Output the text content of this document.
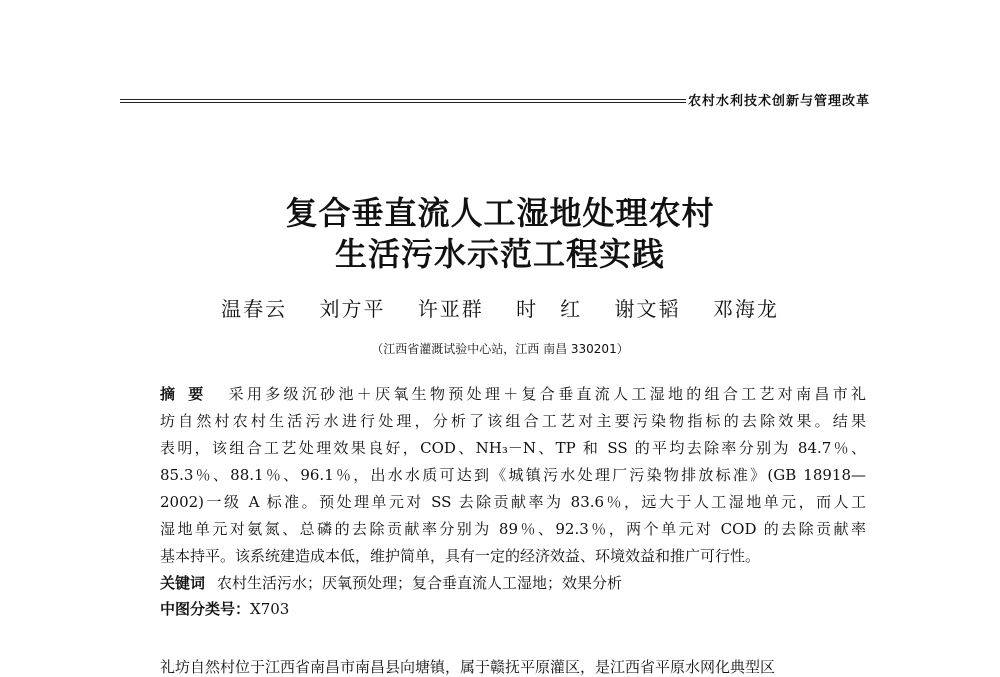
农村水利技术创新与管理改革
复合垂直流人工湿地处理农村
生活污水示范工程实践
温春云 刘方平 许亚群 时　红 谢文韬 邓海龙
（江西省灌溉试验中心站，江西 南昌 330201）
摘要 采用多级沉砂池＋厌氧生物预处理＋复合垂直流人工湿地的组合工艺对南昌市礼
坊自然村农村生活污水进行处理，分析了该组合工艺对主要污染物指标的去除效果。结果
表明，该组合工艺处理效果良好，COD、NH₃－N、TP 和 SS 的平均去除率分别为 84.7％、
85.3％、88.1％、96.1％，出水水质可达到《城镇污水处理厂污染物排放标准》(GB 18918—
2002)一级 A 标准。预处理单元对 SS 去除贡献率为 83.6％，远大于人工湿地单元，而人工
湿地单元对氨氮、总磷的去除贡献率分别为 89％、92.3％，两个单元对 COD 的去除贡献率
基本持平。该系统建造成本低，维护简单，具有一定的经济效益、环境效益和推广可行性。
关键词 农村生活污水；厌氧预处理；复合垂直流人工湿地；效果分析
中图分类号：X703
礼坊自然村位于江西省南昌市南昌县向塘镇，属于赣抚平原灌区，是江西省平原水网化典型区
